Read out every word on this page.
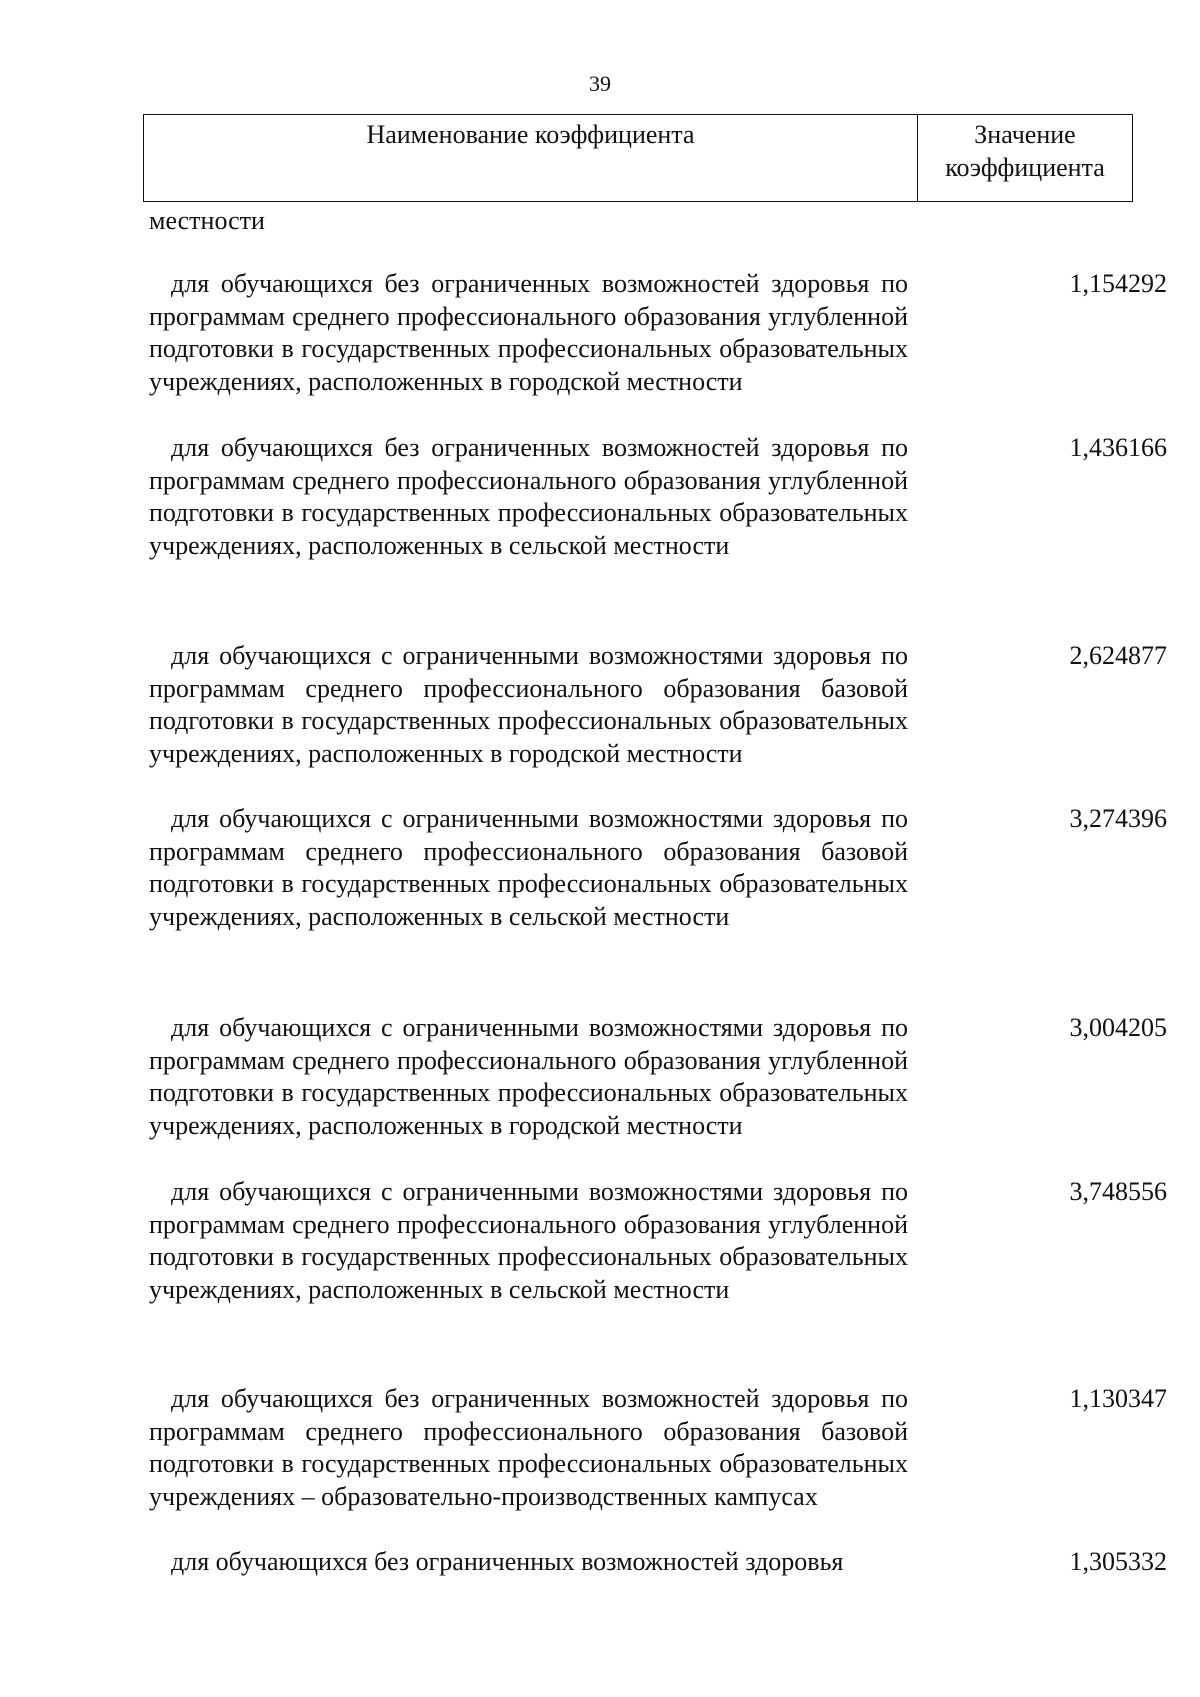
39
Наименование коэффициента	Значение
коэффициента
местности

для обучающихся без ограниченных возможностей здоровья по программам среднего профессионального образования углубленной подготовки в государственных профессиональных образовательных учреждениях, расположенных в городской местности

1,154292

для обучающихся без ограниченных возможностей здоровья по программам среднего профессионального образования углубленной подготовки в государственных профессиональных образовательных учреждениях, расположенных в сельской местности

1,436166

для обучающихся с ограниченными возможностями здоровья по программам среднего профессионального образования базовой подготовки в государственных профессиональных образовательных учреждениях, расположенных в городской местности

2,624877

для обучающихся с ограниченными возможностями здоровья по программам среднего профессионального образования базовой подготовки в государственных профессиональных образовательных учреждениях, расположенных в сельской местности

3,274396

для обучающихся с ограниченными возможностями здоровья по программам среднего профессионального образования углубленной подготовки в государственных профессиональных образовательных учреждениях, расположенных в городской местности

3,004205

для обучающихся с ограниченными возможностями здоровья по программам среднего профессионального образования углубленной подготовки в государственных профессиональных образовательных учреждениях, расположенных в сельской местности

3,748556

для обучающихся без ограниченных возможностей здоровья по программам среднего профессионального образования базовой подготовки в государственных профессиональных образовательных учреждениях – образовательно-производственных кампусах

1,130347

для обучающихся без ограниченных возможностей здоровья	1,305332
